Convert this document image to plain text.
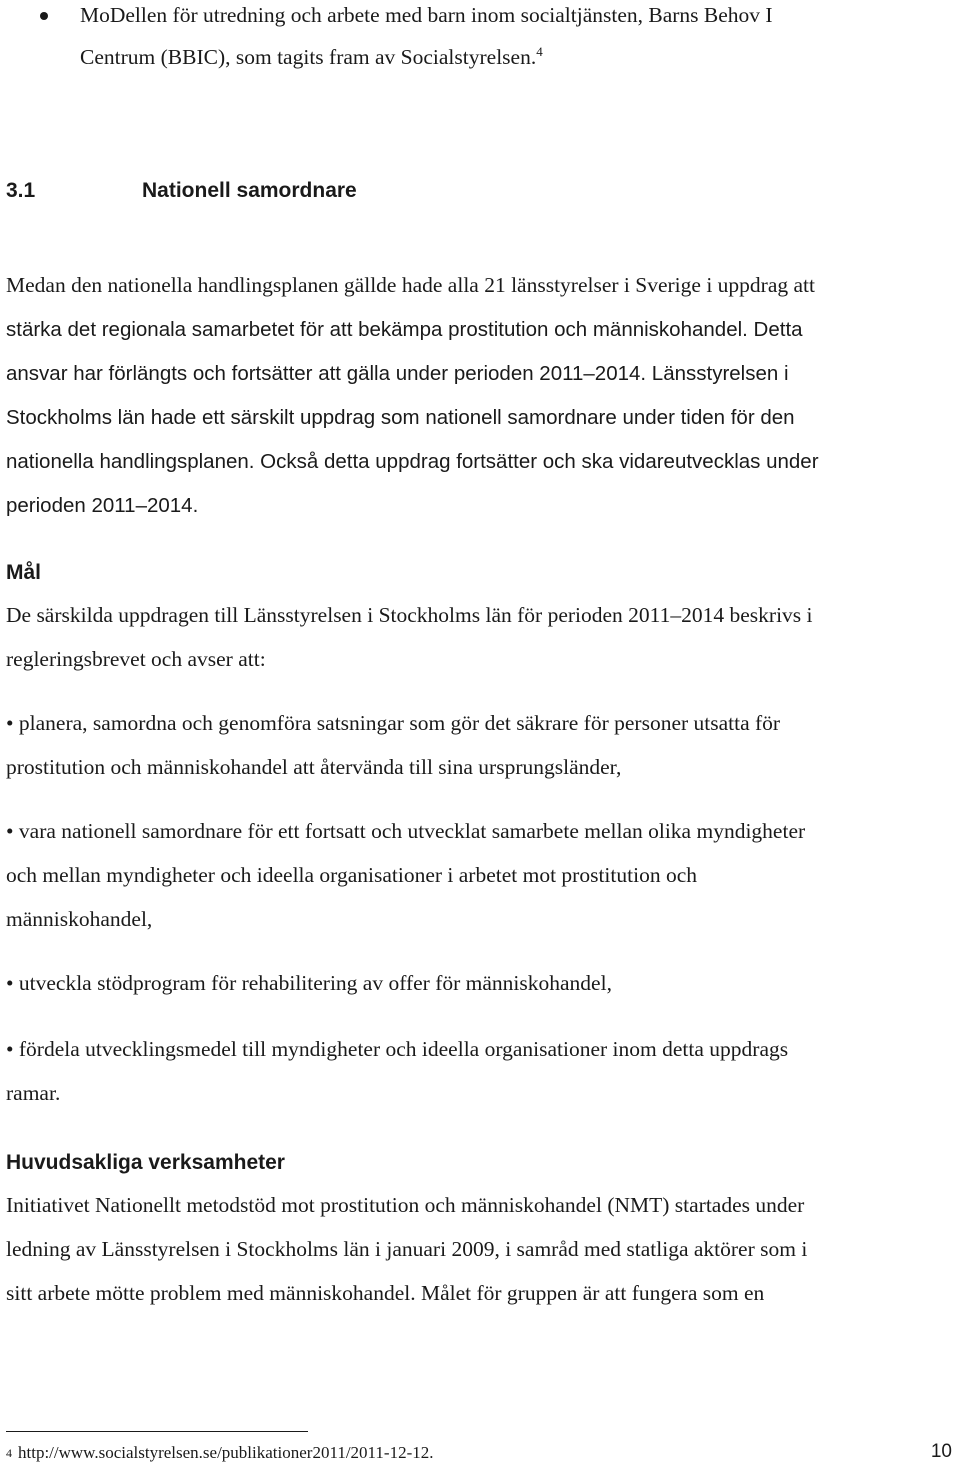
MoDellen för utredning och arbete med barn inom socialtjänsten, Barns Behov I
Centrum (BBIC), som tagits fram av Socialstyrelsen.$^4$
3.1	Nationell samordnare
Medan den nationella handlingsplanen gällde hade alla 21 länsstyrelser i Sverige i uppdrag att
stärka det regionala samarbetet för att bekämpa prostitution och människohandel. Detta
ansvar har förlängts och fortsätter att gälla under perioden 2011–2014. Länsstyrelsen i
Stockholms län hade ett särskilt uppdrag som nationell samordnare under tiden för den
nationella handlingsplanen. Också detta uppdrag fortsätter och ska vidareutvecklas under
perioden 2011–2014.
Mål
De särskilda uppdragen till Länsstyrelsen i Stockholms län för perioden 2011–2014 beskrivs i
regleringsbrevet och avser att:
• planera, samordna och genomföra satsningar som gör det säkrare för personer utsatta för
prostitution och människohandel att återvända till sina ursprungsländer,
• vara nationell samordnare för ett fortsatt och utvecklat samarbete mellan olika myndigheter
och mellan myndigheter och ideella organisationer i arbetet mot prostitution och
människohandel,
• utveckla stödprogram för rehabilitering av offer för människohandel,
• fördela utvecklingsmedel till myndigheter och ideella organisationer inom detta uppdrags
ramar.
Huvudsakliga verksamheter
Initiativet Nationellt metodstöd mot prostitution och människohandel (NMT) startades under
ledning av Länsstyrelsen i Stockholms län i januari 2009, i samråd med statliga aktörer som i
sitt arbete mötte problem med människohandel. Målet för gruppen är att fungera som en
$^4$ http://www.socialstyrelsen.se/publikationer2011/2011-12-12.	10
